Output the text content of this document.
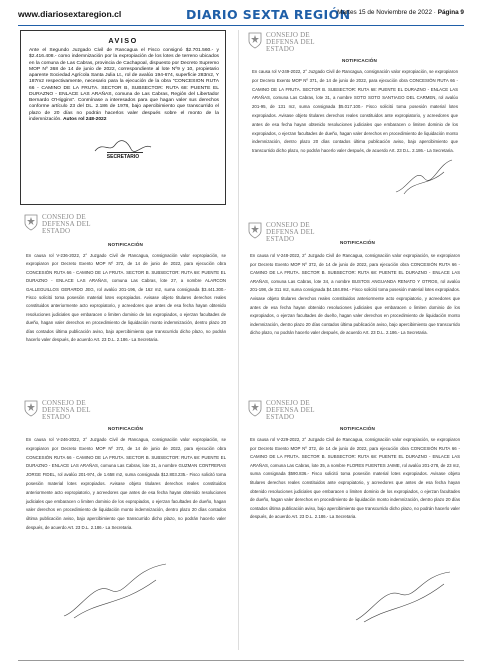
www.diariosextaregion.cl	DIARIO SEXTA REGIÓN
Martes 15 de Noviembre de 2022 · Página 9
AVISO
Ante el Segundo Juzgado Civil de Rancagua el Fisco consignó $2.701.560.- y $2.416.408.- como indemnización por la expropiación de los lotes de terreno ubicados en la comuna de Las Cabras, provincia de Cachapoal, dispuesto por Decreto Supremo MOP Nº 368 de 14 de junio de 2022, correspondiente al lote Nº9 y 10, propietario aparente Sociedad Agrícola Santa Julia Lt., rol de avalúo 194-674, superficie 283m2, Y 187m2 respectivamente, necesario para la ejecución de la obra "CONCESION RUTA 66 - CAMINO DE LA FRUTA. SECTOR B, SUBSECTOR: RUTA 68: PUENTE EL DURAZNO - ENLACE LAS ARAÑAS, comuna de Las Cabras, Región del Libertador Bernardo O'Higgins". Conmínase a interesados para que hagan valer sus derechos conforme artículo 23 del DL. 2.186 de 1978, bajo apercibimiento que transcurrido el plazo de 20 días no podrán hacerlos valer después sobre el monto de la indemnización. Autos rol 248-2022
SECRETARIO
CONSEJO DE
DEFENSA DEL
ESTADO
NOTIFICACIÓN
En causa rol V-249-2022, 2° Juzgado Civil de Rancagua, consignación valor expropiación, se expropiaron por Decreto Exento MOP Nº 371, de 14 de junio de 2022, para ejecución obra CONCESIÓN RUTA 66 - CAMINO DE LA FRUTA. SECTOR B. SUBSECTOR: RUTA 68: PUENTE EL DURAZNO - ENLACE LAS ARAÑAS, comuna Las Cabras, lote 31, a nombre SOTO SOTO SANTIAGO DEL CARMEN, rol avalúo 201-95, de 131 m2, suma consignada $5.017.100.- Fisco solicitó toma posesión material lotes expropiados. Avisase objeto titulares derechos reales constituidos ante expropiatorio, y acreedores que antes de esa fecha hayan obtenido resoluciones judiciales que embaracen o limiten dominio de los expropiados, o ejerzan facultades de dueño, hagan valer derechos en procedimiento de liquidación monto indemnización, dentro plazo 20 días contados última publicación aviso, bajo apercibimiento que transcurrido dicho plazo, no podrán hacerlo valer después, de acuerdo Art. 23 D.L. 2.186.- La Secretaria.
CONSEJO DE
DEFENSA DEL
ESTADO
NOTIFICACIÓN
En causa rol V-236-2022, 2° Juzgado Civil de Rancagua, consignación valor expropiación, se expropiaron por Decreto Exento MOP Nº 372, de 14 de junio de 2022, para ejecución obra CONCESIÓN RUTA 66 - CAMINO DE LA FRUTA. SECTOR B. SUBSECTOR: RUTA 68: PUENTE EL DURAZNO - ENLACE LAS ARAÑAS, comuna Las Cabras, lote 27, a nombre ALARCON GALLEGUILLOS GERARDO JEG, rol avalúo 201-196, de 162 m2, suma consignada $3.441.300.- Fisco solicitó toma posesión material lotes expropiados. Avisase objeto titulares derechos reales constituidos anteriormente acto expropiatorio, y acreedores que antes de esa fecha hayan obtenido resoluciones judiciales que embaracen o limiten dominio de los expropiados, o ejerzan facultades de dueño, hagan valer derechos en procedimiento de liquidación monto indemnización, dentro plazo 20 días contados última publicación aviso, bajo apercibimiento que transcurrido dicho plazo, no podrán hacerlo valer después, de acuerdo Art. 23 D.L. 2.186.- La Secretaria.
CONSEJO DE
DEFENSA DEL
ESTADO	NOTIFICACIÓN
En causa rol V-248-2022, 2° Juzgado Civil de Rancagua, consignación valor expropiación, se expropiaron por Decreto Exento MOP Nº 372, de 14 de junio de 2022, para ejecución obra CONCESIÓN RUTA 66 - CAMINO DE LA FRUTA. SECTOR B. SUBSECTOR: RUTA 68: PUENTE EL DURAZNO - ENLACE LAS ARAÑAS, comuna Las Cabras, lote 34, a nombre BUSTOS ANGUANDA RENATO Y OTROS, rol avalúo 201-198, de 311 m2, suma consignada $4.184.894.- Fisco solicitó toma posesión material lotes expropiados. Avisase objeto titulares derechos reales constituidos anteriormente acto expropiatorio, y acreedores que antes de esa fecha hayan obtenido resoluciones judiciales que embaracen o limiten dominio de los expropiados, o ejerzan facultades de dueño, hagan valer derechos en procedimiento de liquidación monto indemnización, dentro plazo 20 días contados última publicación aviso, bajo apercibimiento que transcurrido dicho plazo, no podrán hacerlo valer después, de acuerdo Art. 23 D.L. 2.186.- La Secretaria.
CONSEJO DE
DEFENSA DEL
ESTADO
NOTIFICACIÓN
En causa rol V-246-2022, 2° Juzgado Civil de Rancagua, consignación valor expropiación, se expropiaron por Decreto Exento MOP Nº 372, de 14 de junio de 2022, para ejecución obra CONCESIÓN RUTA 66 - CAMINO DE LA FRUTA. SECTOR B. SUBSECTOR: RUTA 68: PUENTE EL DURAZNO - ENLACE LAS ARAÑAS, comuna Las Cabras, lote 31, a nombre GUZMAN CONTRERAS JORGE FIDEL, rol avalúo 201-974, de 1.658 m2, suma consignada $12.803.235.- Fisco solicitó toma posesión material lotes expropiados. Avisase objeto titulares derechos reales constituidos anteriormente acto expropiatorio, y acreedores que antes de esa fecha hayan obtenido resoluciones judiciales que embaracen o limiten dominio de los expropiados, o ejerzan facultades de dueño, hagan valer derechos en procedimiento de liquidación monto indemnización, dentro plazo 20 días contados última publicación aviso, bajo apercibimiento que transcurrido dicho plazo, no podrán hacerlo valer después, de acuerdo Art. 23 D.L. 2.186.- La Secretaria.
CONSEJO DE
DEFENSA DEL
ESTADO
NOTIFICACIÓN
En causa rol V-229-2022, 2° Juzgado Civil de Rancagua, consignación valor expropiación, se expropiaron por Decreto Exento MOP Nº 372, de 14 de junio de 2022, para ejecución obra CONCESIÓN RUTA 66 - CAMINO DE LA FRUTA. SECTOR B. SUBSECTOR: RUTA 68: PUENTE EL DURAZNO - ENLACE LAS ARAÑAS, comuna Las Cabras, lote 35, a nombre FLORES FUENTES JAIME, rol avalúo 201-278, de 23 m2, suma consignada $590.836.- Fisco solicitó toma posesión material lotes expropiados. Avisase objeto titulares derechos reales constituidos ante expropiatorio, y acreedores que antes de esa fecha hayan obtenido resoluciones judiciales que embaracen o limiten dominio de los expropiados, o ejerzan facultades de dueño, hagan valer derechos en procedimiento de liquidación monto indemnización, dentro plazo 20 días contados última publicación aviso, bajo apercibimiento que transcurrido dicho plazo, no podrán hacerlo valer después, de acuerdo Art. 23 D.L. 2.186.- La Secretaria.
